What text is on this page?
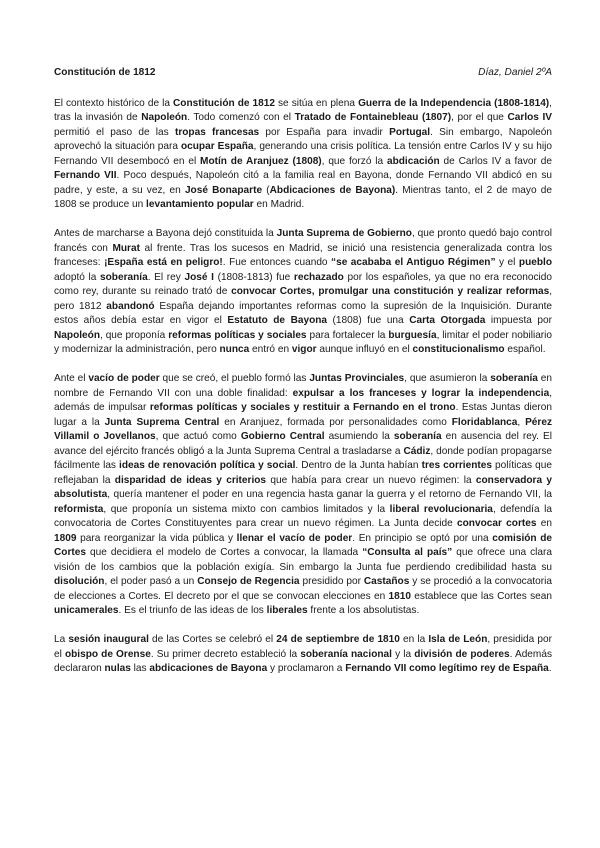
Constitución de 1812	Díaz, Daniel 2ºA

El contexto histórico de la Constitución de 1812 se sitúa en plena Guerra de la Independencia (1808-1814), tras la invasión de Napoleón. Todo comenzó con el Tratado de Fontainebleau (1807), por el que Carlos IV permitió el paso de las tropas francesas por España para invadir Portugal. Sin embargo, Napoleón aprovechó la situación para ocupar España, generando una crisis política. La tensión entre Carlos IV y su hijo Fernando VII desembocó en el Motín de Aranjuez (1808), que forzó la abdicación de Carlos IV a favor de Fernando VII. Poco después, Napoleón citó a la familia real en Bayona, donde Fernando VII abdicó en su padre, y este, a su vez, en José Bonaparte (Abdicaciones de Bayona). Mientras tanto, el 2 de mayo de 1808 se produce un levantamiento popular en Madrid.

Antes de marcharse a Bayona dejó constituida la Junta Suprema de Gobierno, que pronto quedó bajo control francés con Murat al frente. Tras los sucesos en Madrid, se inició una resistencia generalizada contra los franceses: ¡España está en peligro!. Fue entonces cuando “se acababa el Antiguo Régimen” y el pueblo adoptó la soberanía. El rey José I (1808-1813) fue rechazado por los españoles, ya que no era reconocido como rey, durante su reinado trató de convocar Cortes, promulgar una constitución y realizar reformas, pero 1812 abandonó España dejando importantes reformas como la supresión de la Inquisición. Durante estos años debía estar en vigor el Estatuto de Bayona (1808) fue una Carta Otorgada impuesta por Napoleón, que proponía reformas políticas y sociales para fortalecer la burguesía, limitar el poder nobiliario y modernizar la administración, pero nunca entró en vigor aunque influyó en el constitucionalismo español.

Ante el vacío de poder que se creó, el pueblo formó las Juntas Provinciales, que asumieron la soberanía en nombre de Fernando VII con una doble finalidad: expulsar a los franceses y lograr la independencia, además de impulsar reformas políticas y sociales y restituir a Fernando en el trono. Estas Juntas dieron lugar a la Junta Suprema Central en Aranjuez, formada por personalidades como Floridablanca, Pérez Villamil o Jovellanos, que actuó como Gobierno Central asumiendo la soberanía en ausencia del rey. El avance del ejército francés obligó a la Junta Suprema Central a trasladarse a Cádiz, donde podían propagarse fácilmente las ideas de renovación política y social. Dentro de la Junta habían tres corrientes políticas que reflejaban la disparidad de ideas y criterios que había para crear un nuevo régimen: la conservadora y absolutista, quería mantener el poder en una regencia hasta ganar la guerra y el retorno de Fernando VII, la reformista, que proponía un sistema mixto con cambios limitados y la liberal revolucionaria, defendía la convocatoria de Cortes Constituyentes para crear un nuevo régimen. La Junta decide convocar cortes en 1809 para reorganizar la vida pública y llenar el vacío de poder. En principio se optó por una comisión de Cortes que decidiera el modelo de Cortes a convocar, la llamada “Consulta al país” que ofrece una clara visión de los cambios que la población exigía. Sin embargo la Junta fue perdiendo credibilidad hasta su disolución, el poder pasó a un Consejo de Regencia presidido por Castaños y se procedió a la convocatoria de elecciones a Cortes. El decreto por el que se convocan elecciones en 1810 establece que las Cortes sean unicamerales. Es el triunfo de las ideas de los liberales frente a los absolutistas.

La sesión inaugural de las Cortes se celebró el 24 de septiembre de 1810 en la Isla de León, presidida por el obispo de Orense. Su primer decreto estableció la soberanía nacional y la división de poderes. Además declararon nulas las abdicaciones de Bayona y proclamaron a Fernando VII como legítimo rey de España.
